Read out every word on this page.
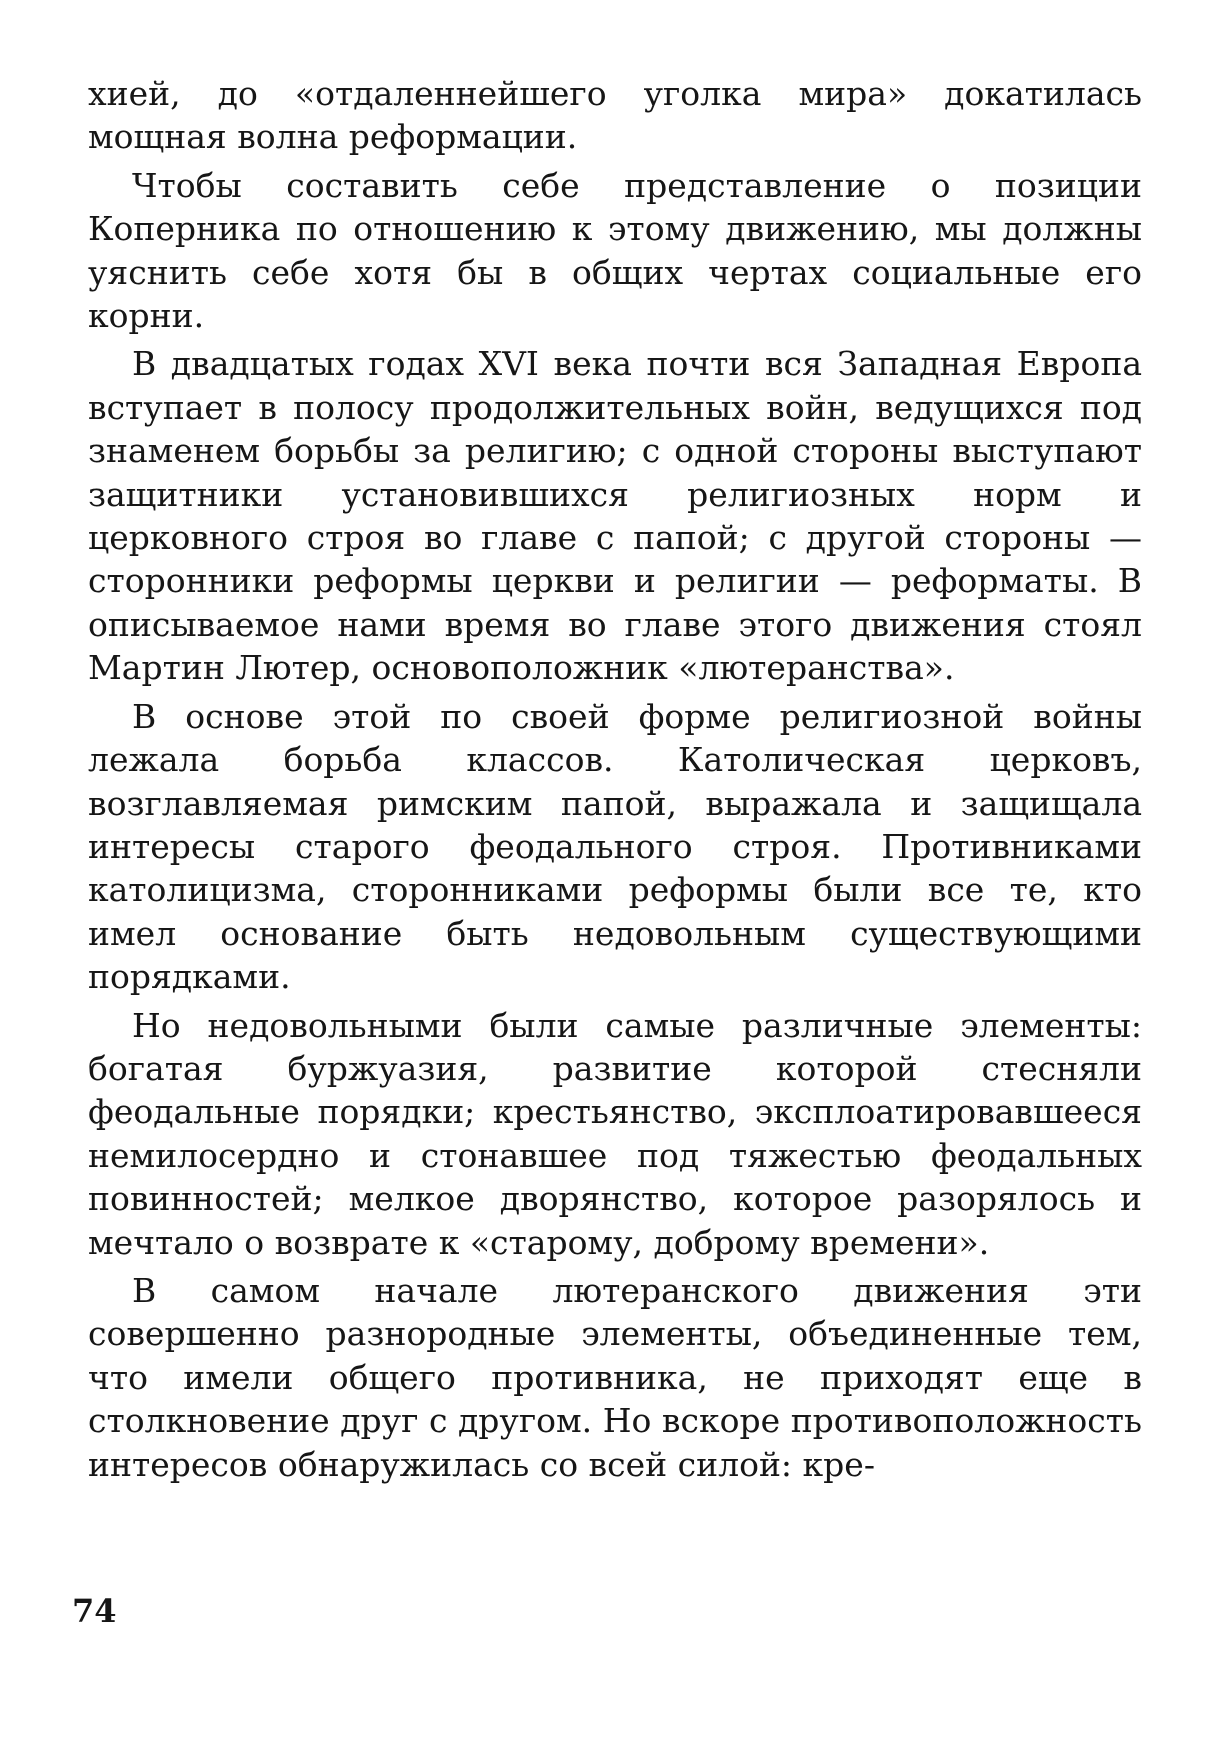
хией, до «отдаленнейшего уголка мира» докатилась мощная волна реформации.

Чтобы составить себе представление о позиции Коперника по отношению к этому движению, мы должны уяснить себе хотя бы в общих чертах социальные его корни.

В двадцатых годах XVI века почти вся Западная Европа вступает в полосу продолжительных войн, ведущихся под знаменем борьбы за религию; с одной стороны выступают защитники установившихся религиозных норм и церковного строя во главе с папой; с другой стороны — сторонники реформы церкви и религии — реформаты. В описываемое нами время во главе этого движения стоял Мартин Лютер, основоположник «лютеранства».

В основе этой по своей форме религиозной войны лежала борьба классов. Католическая церковъ, возглавляемая римским папой, выражала и защищала интересы старого феодального строя. Противниками католицизма, сторонниками реформы были все те, кто имел основание быть недовольным существующими порядками.

Но недовольными были самые различные элементы: богатая буржуазия, развитие которой стесняли феодальные порядки; крестьянство, эксплоатировавшееся немилосердно и стонавшее под тяжестью феодальных повинностей; мелкое дворянство, которое разорялось и мечтало о возврате к «старому, доброму времени».

В самом начале лютеранского движения эти совершенно разнородные элементы, объединенные тем, что имели общего противника, не приходят еще в столкновение друг с другом. Но вскоре противоположность интересов обнаружилась со всей силой: кре-

74
